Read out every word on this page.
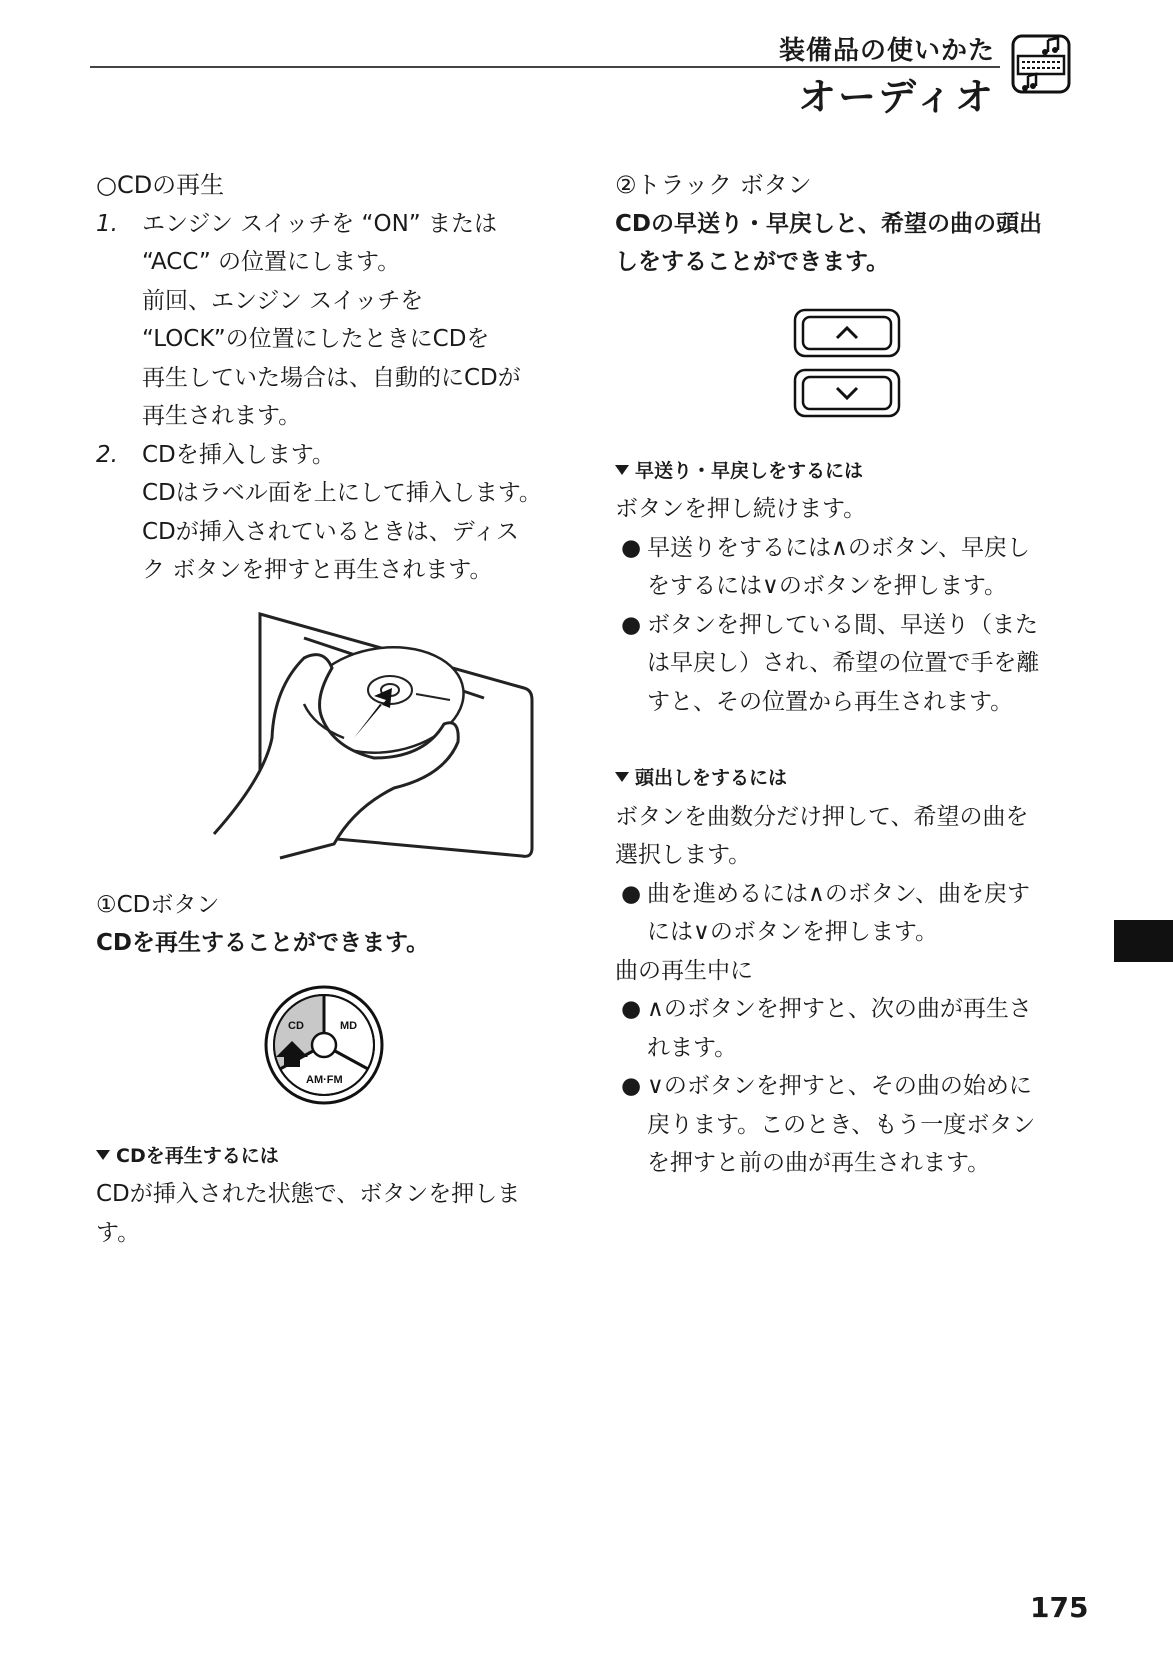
装備品の使いかた
オーディオ

○CDの再生

1.	エンジン スイッチを “ON” または
“ACC” の位置にします。
前回、エンジン スイッチを
“LOCK”の位置にしたときにCDを
再生していた場合は、自動的にCDが
再生されます。
2.	CDを挿入します。
CDはラベル面を上にして挿入します。
CDが挿入されているときは、ディス
ク ボタンを押すと再生されます。

①CDボタン

CDを再生することができます。

CD	MD
AM·FM

CDを再生するには

CDが挿入された状態で、ボタンを押しま
す。

②トラック ボタン

CDの早送り・早戻しと、希望の曲の頭出
しをすることができます。

早送り・早戻しをするには

ボタンを押し続けます。
● 早送りをするには∧のボタン、早戻し
をするには∨のボタンを押します。
● ボタンを押している間、早送り（また
は早戻し）され、希望の位置で手を離
すと、その位置から再生されます。

頭出しをするには

ボタンを曲数分だけ押して、希望の曲を
選択します。
● 曲を進めるには∧のボタン、曲を戻す
には∨のボタンを押します。
曲の再生中に
● ∧のボタンを押すと、次の曲が再生さ
れます。
● ∨のボタンを押すと、その曲の始めに
戻ります。このとき、もう一度ボタン
を押すと前の曲が再生されます。
175
